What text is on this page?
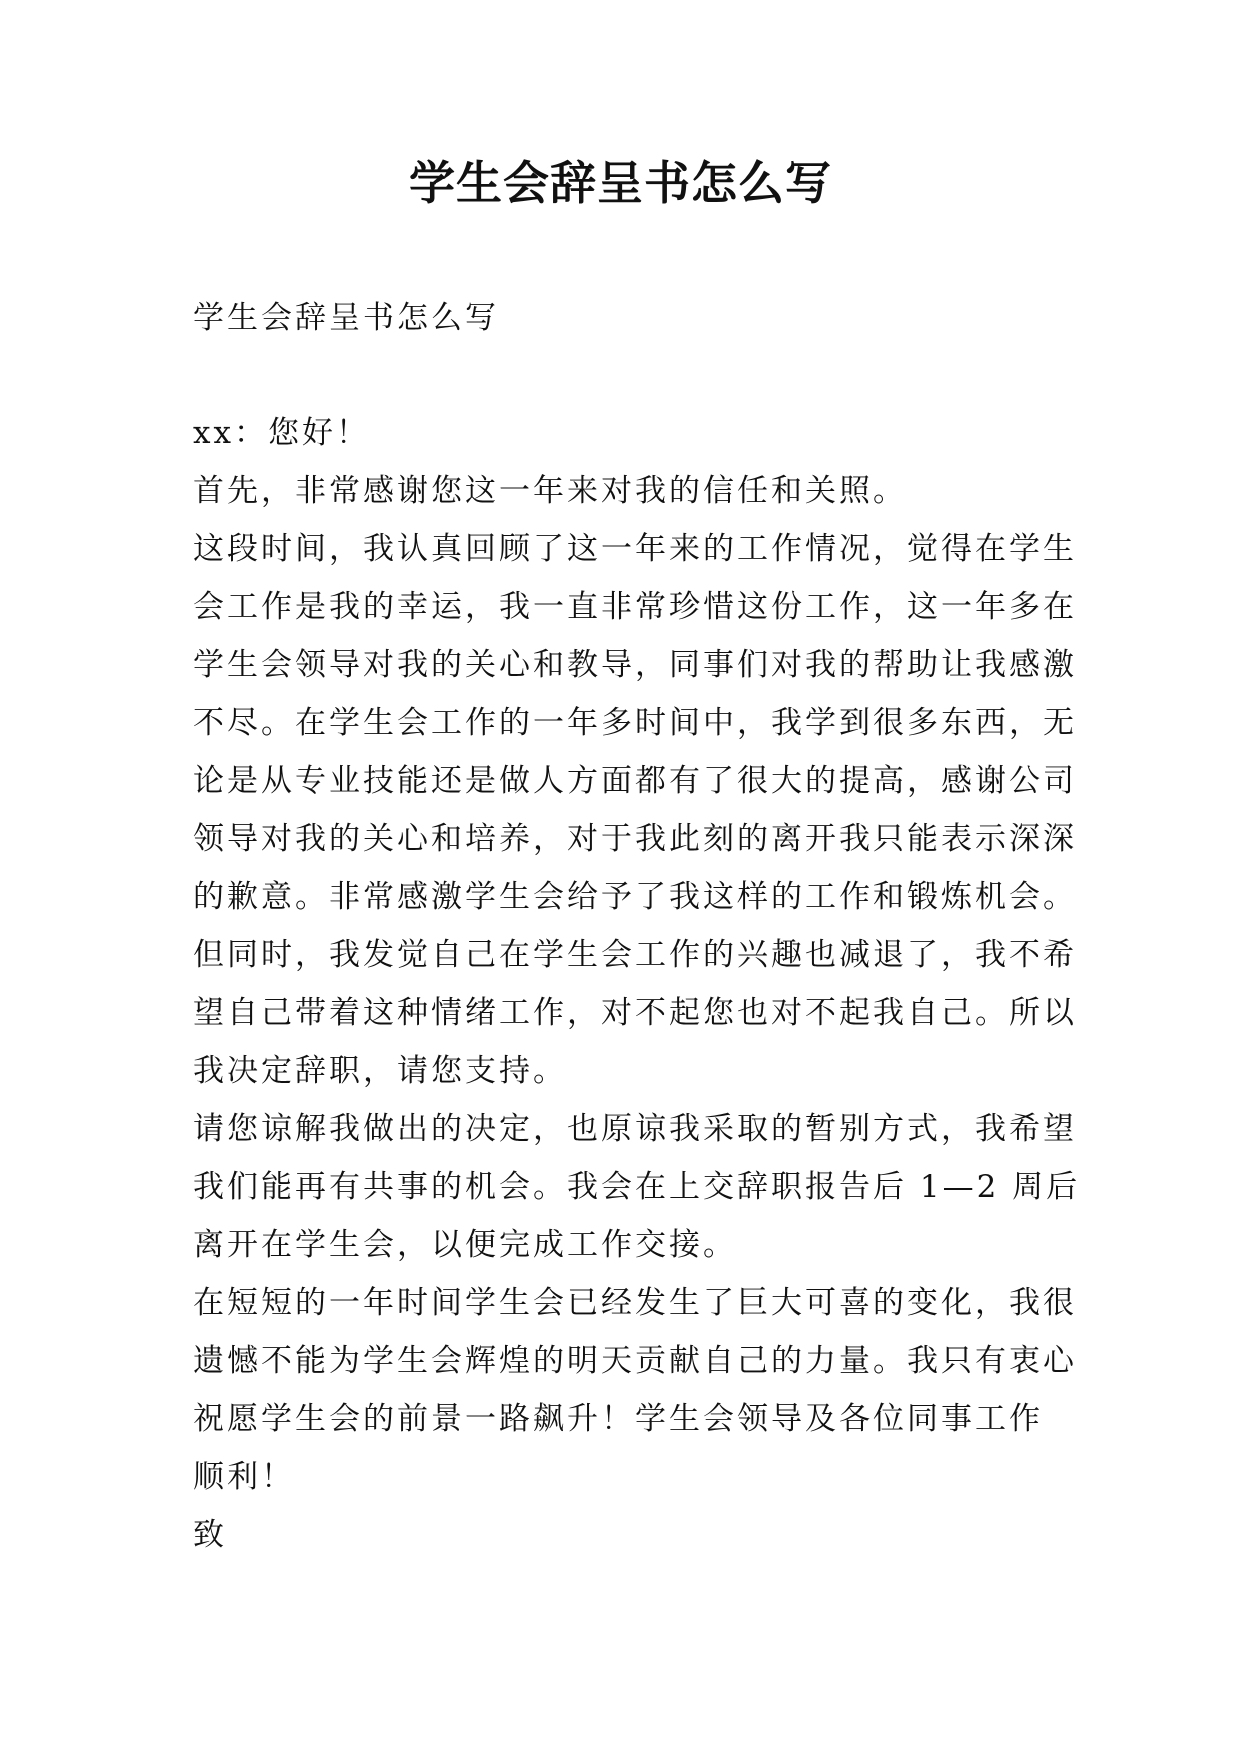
学生会辞呈书怎么写

学生会辞呈书怎么写

xx：您好！
首先，非常感谢您这一年来对我的信任和关照。
这段时间，我认真回顾了这一年来的工作情况，觉得在学生
会工作是我的幸运，我一直非常珍惜这份工作，这一年多在
学生会领导对我的关心和教导，同事们对我的帮助让我感激
不尽。在学生会工作的一年多时间中，我学到很多东西，无
论是从专业技能还是做人方面都有了很大的提高，感谢公司
领导对我的关心和培养，对于我此刻的离开我只能表示深深
的歉意。非常感激学生会给予了我这样的工作和锻炼机会。
但同时，我发觉自己在学生会工作的兴趣也减退了，我不希
望自己带着这种情绪工作，对不起您也对不起我自己。所以
我决定辞职，请您支持。
请您谅解我做出的决定，也原谅我采取的暂别方式，我希望
我们能再有共事的机会。我会在上交辞职报告后 1—2 周后
离开在学生会，以便完成工作交接。
在短短的一年时间学生会已经发生了巨大可喜的变化，我很
遗憾不能为学生会辉煌的明天贡献自己的力量。我只有衷心
祝愿学生会的前景一路飙升！学生会领导及各位同事工作
顺利！
致
